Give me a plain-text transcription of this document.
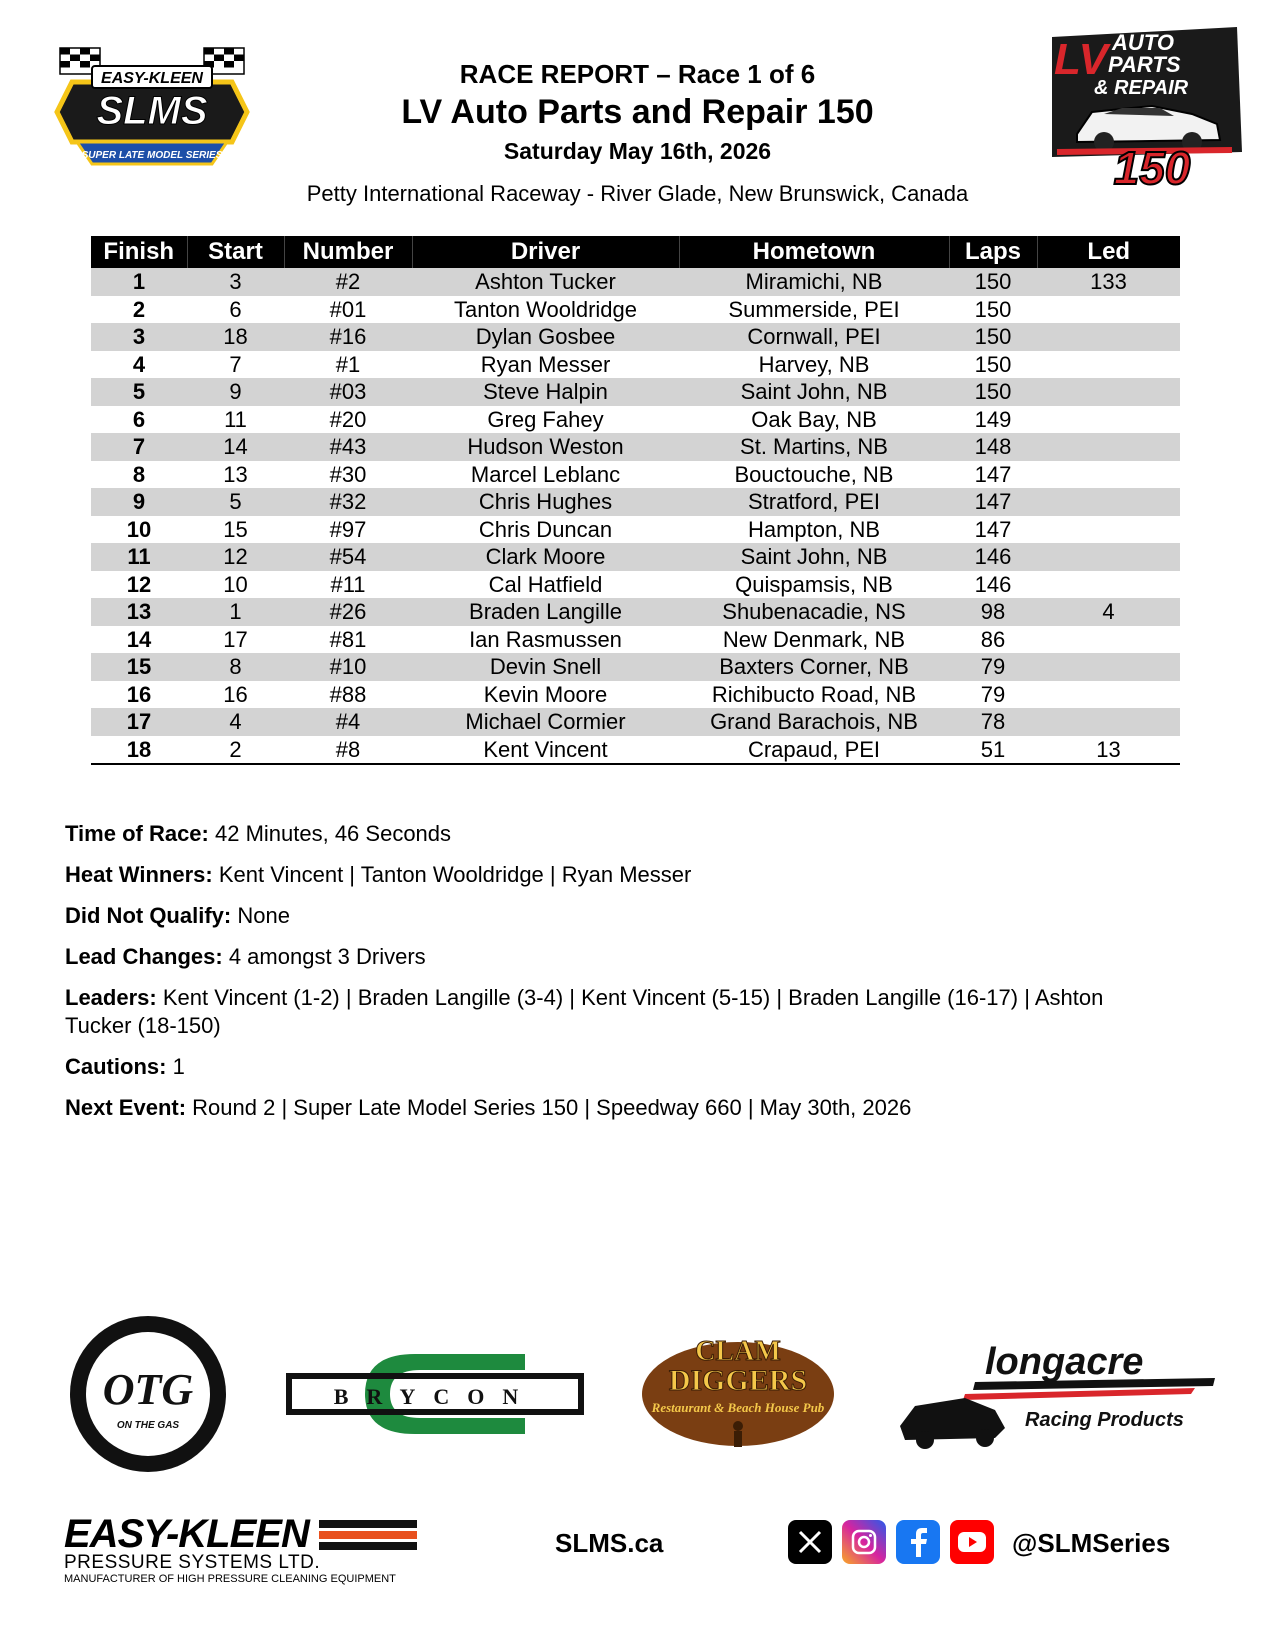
EASY-KLEEN
SLMS
SUPER LATE MODEL SERIES
RACE REPORT – Race 1 of 6
LV Auto Parts and Repair 150
Saturday May 16th, 2026
Petty International Raceway - River Glade, New Brunswick, Canada
LV AUTO
PARTS
& REPAIR
150
Finish	Start	Number	Driver	Hometown	Laps	Led
1	3	#2	Ashton Tucker	Miramichi, NB	150	133
2	6	#01	Tanton Wooldridge	Summerside, PEI	150	
3	18	#16	Dylan Gosbee	Cornwall, PEI	150	
4	7	#1	Ryan Messer	Harvey, NB	150	
5	9	#03	Steve Halpin	Saint John, NB	150	
6	11	#20	Greg Fahey	Oak Bay, NB	149	
7	14	#43	Hudson Weston	St. Martins, NB	148	
8	13	#30	Marcel Leblanc	Bouctouche, NB	147	
9	5	#32	Chris Hughes	Stratford, PEI	147	
10	15	#97	Chris Duncan	Hampton, NB	147	
11	12	#54	Clark Moore	Saint John, NB	146	
12	10	#11	Cal Hatfield	Quispamsis, NB	146	
13	1	#26	Braden Langille	Shubenacadie, NS	98	4
14	17	#81	Ian Rasmussen	New Denmark, NB	86	
15	8	#10	Devin Snell	Baxters Corner, NB	79	
16	16	#88	Kevin Moore	Richibucto Road, NB	79	
17	4	#4	Michael Cormier	Grand Barachois, NB	78	
18	2	#8	Kent Vincent	Crapaud, PEI	51	13

Time of Race: 42 Minutes, 46 Seconds

Heat Winners: Kent Vincent | Tanton Wooldridge | Ryan Messer

Did Not Qualify: None

Lead Changes: 4 amongst 3 Drivers

Leaders: Kent Vincent (1-2) | Braden Langille (3-4) | Kent Vincent (5-15) | Braden Langille (16-17) | Ashton Tucker (18-150)

Cautions: 1

Next Event: Round 2 | Super Late Model Series 150 | Speedway 660 | May 30th, 2026

OTG
ON THE GAS
BRYCON
CLAM
DIGGERS
Restaurant & Beach House Pub
longacre
Racing Products
EASY-KLEEN
PRESSURE SYSTEMS LTD.
MANUFACTURER OF HIGH PRESSURE CLEANING EQUIPMENT
SLMS.ca	@SLMSeries
